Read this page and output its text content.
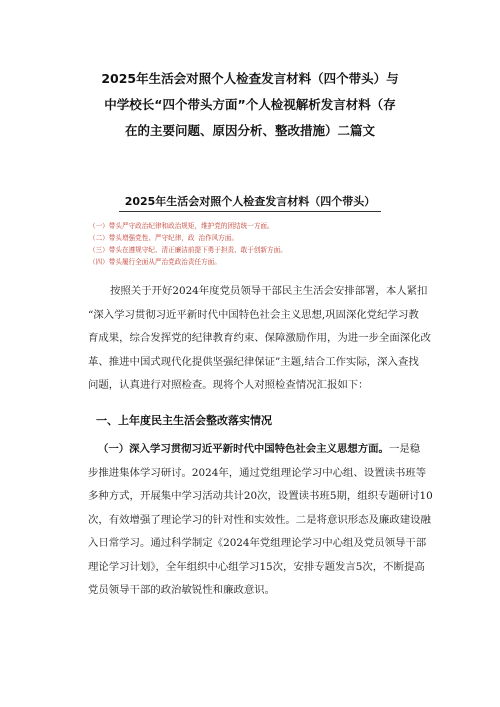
2025年生活会对照个人检查发言材料（四个带头）与
中学校长“四个带头方面”个人检视解析发言材料（存
在的主要问题、原因分析、整改措施）二篇文
2025年生活会对照个人检查发言材料（四个带头）
（一）带头严守政治纪律和政治规矩，维护党的团结统一方面。
（二）带头增强党性、严守纪律，政 治作风方面。
（三）带头在遵规守纪、清正廉洁前提下勇于担责、敢于创新方面。
（四）带头履行全面从严治党政治责任方面。
按照关于开好2024年度党员领导干部民主生活会安排部署，本人紧扣
“深入学习贯彻习近平新时代中国特色社会主义思想,巩固深化党纪学习教
育成果，综合发挥党的纪律教育约束、保障激励作用，为进一步全面深化改
革、推进中国式现代化提供坚强纪律保证”主题,结合工作实际，深入查找
问题，认真进行对照检查。现将个人对照检查情况汇报如下：
一、上年度民主生活会整改落实情况
（一）深入学习贯彻习近平新时代中国特色社会主义思想方面。一是稳
步推进集体学习研讨。2024年，通过党组理论学习中心组、设置读书班等
多种方式，开展集中学习活动共计20次，设置读书班5期，组织专题研讨10
次，有效增强了理论学习的针对性和实效性。二是将意识形态及廉政建设融
入日常学习。通过科学制定《2024年党组理论学习中心组及党员领导干部
理论学习计划》，全年组织中心组学习15次，安排专题发言5次，不断提高
党员领导干部的政治敏锐性和廉政意识。
